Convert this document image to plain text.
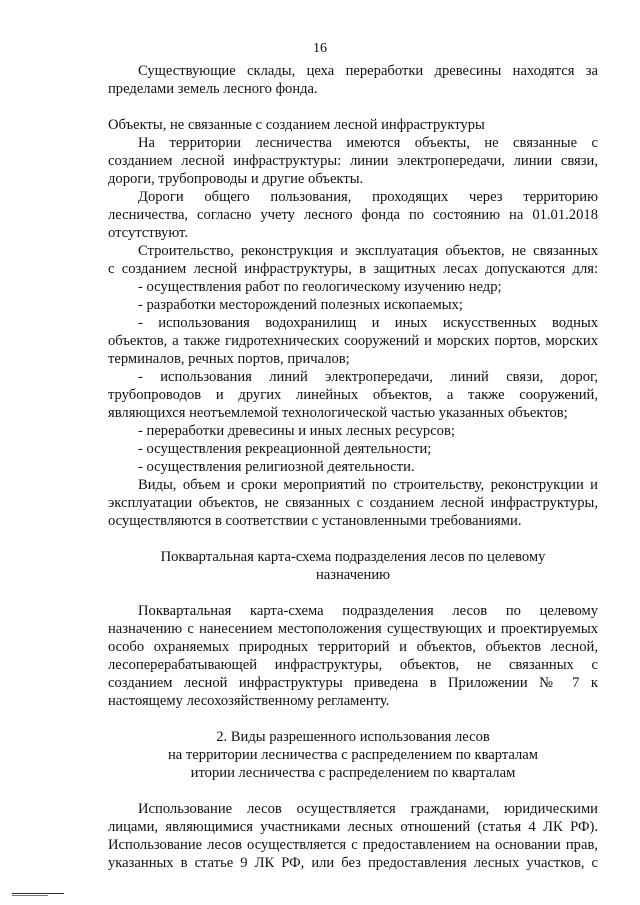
16
Существующие склады, цеха переработки древесины находятся за
пределами земель лесного фонда.
Объекты, не связанные с созданием лесной инфраструктуры
На территории лесничества имеются объекты, не связанные с
созданием лесной инфраструктуры: линии электропередачи, линии связи,
дороги, трубопроводы и другие объекты.
Дороги общего пользования, проходящих через территорию
лесничества, согласно учету лесного фонда по состоянию на 01.01.2018
отсутствуют.
Строительство, реконструкция и эксплуатация объектов, не связанных
с созданием лесной инфраструктуры, в защитных лесах допускаются для:
- осуществления работ по геологическому изучению недр;
- разработки месторождений полезных ископаемых;
- использования водохранилищ и иных искусственных водных
объектов, а также гидротехнических сооружений и морских портов, морских
терминалов, речных портов, причалов;
- использования линий электропередачи, линий связи, дорог,
трубопроводов и других линейных объектов, а также сооружений,
являющихся неотъемлемой технологической частью указанных объектов;
- переработки древесины и иных лесных ресурсов;
- осуществления рекреационной деятельности;
- осуществления религиозной деятельности.
Виды, объем и сроки мероприятий по строительству, реконструкции и
эксплуатации объектов, не связанных с созданием лесной инфраструктуры,
осуществляются в соответствии с установленными требованиями.
Поквартальная карта-схема подразделения лесов по целевому
назначению
Поквартальная карта-схема подразделения лесов по целевому
назначению с нанесением местоположения существующих и проектируемых
особо охраняемых природных территорий и объектов, объектов лесной,
лесоперерабатывающей инфраструктуры, объектов, не связанных с
созданием лесной инфраструктуры приведена в Приложении № 7 к
настоящему лесохозяйственному регламенту.
2. Виды разрешенного использования лесов
на территории лесничества с распределением по кварталам
итории лесничества с распределением по кварталам
Использование лесов осуществляется гражданами, юридическими
лицами, являющимися участниками лесных отношений (статья 4 ЛК РФ).
Использование лесов осуществляется с предоставлением на основании прав,
указанных в статье 9 ЛК РФ, или без предоставления лесных участков, с
